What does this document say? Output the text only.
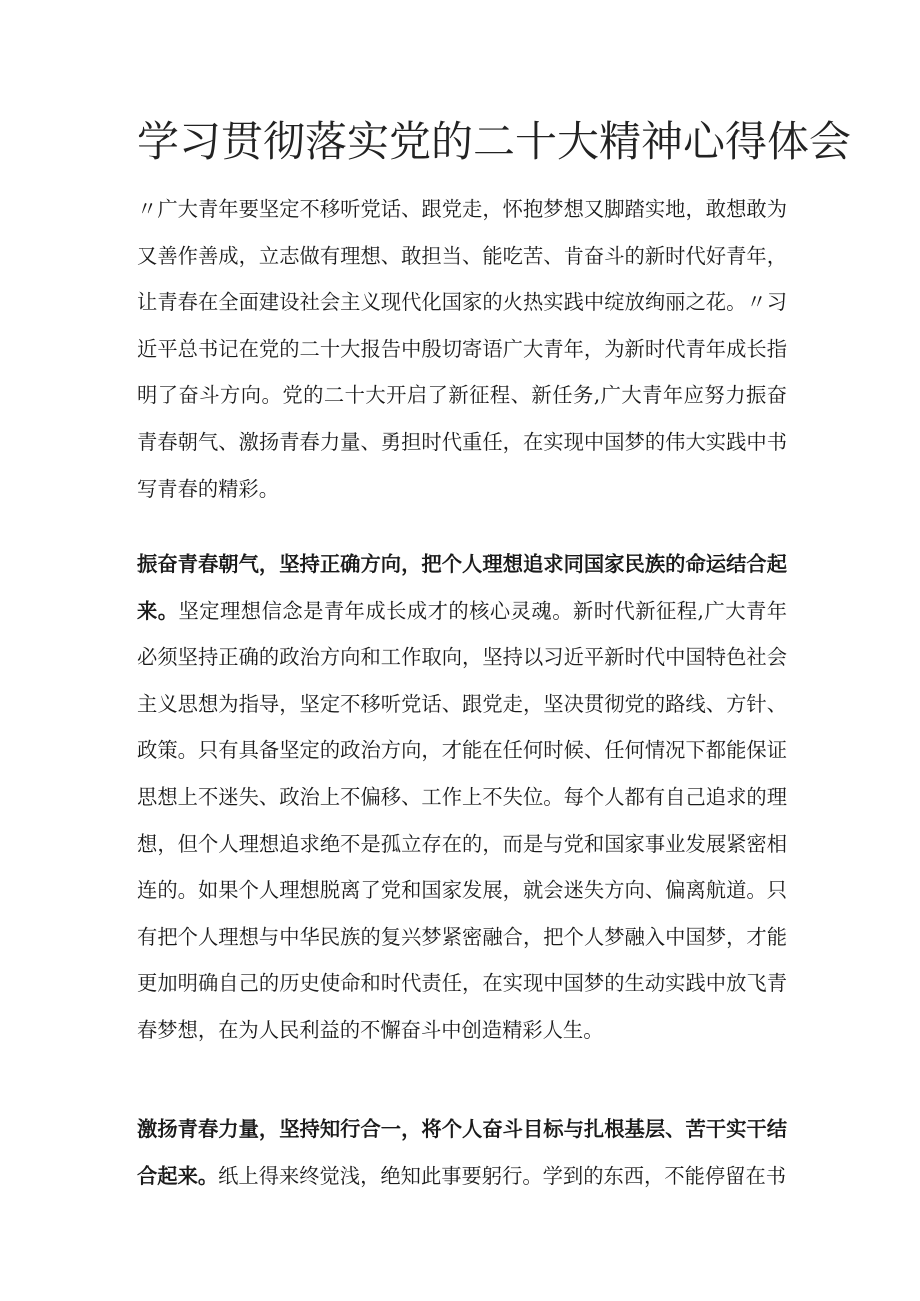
学习贯彻落实党的二十大精神心得体会

〃广大青年要坚定不移听党话、跟党走，怀抱梦想又脚踏实地，敢想敢为又善作善成，立志做有理想、敢担当、能吃苦、肯奋斗的新时代好青年，让青春在全面建设社会主义现代化国家的火热实践中绽放绚丽之花。〃习近平总书记在党的二十大报告中殷切寄语广大青年，为新时代青年成长指明了奋斗方向。党的二十大开启了新征程、新任务,广大青年应努力振奋青春朝气、激扬青春力量、勇担时代重任，在实现中国梦的伟大实践中书写青春的精彩。

振奋青春朝气，坚持正确方向，把个人理想追求同国家民族的命运结合起来。坚定理想信念是青年成长成才的核心灵魂。新时代新征程,广大青年必须坚持正确的政治方向和工作取向，坚持以习近平新时代中国特色社会主义思想为指导，坚定不移听党话、跟党走，坚决贯彻党的路线、方针、政策。只有具备坚定的政治方向，才能在任何时候、任何情况下都能保证思想上不迷失、政治上不偏移、工作上不失位。每个人都有自己追求的理想，但个人理想追求绝不是孤立存在的，而是与党和国家事业发展紧密相连的。如果个人理想脱离了党和国家发展，就会迷失方向、偏离航道。只有把个人理想与中华民族的复兴梦紧密融合，把个人梦融入中国梦，才能更加明确自己的历史使命和时代责任，在实现中国梦的生动实践中放飞青春梦想，在为人民利益的不懈奋斗中创造精彩人生。

激扬青春力量，坚持知行合一，将个人奋斗目标与扎根基层、苦干实干结合起来。纸上得来终觉浅，绝知此事要躬行。学到的东西，不能停留在书
